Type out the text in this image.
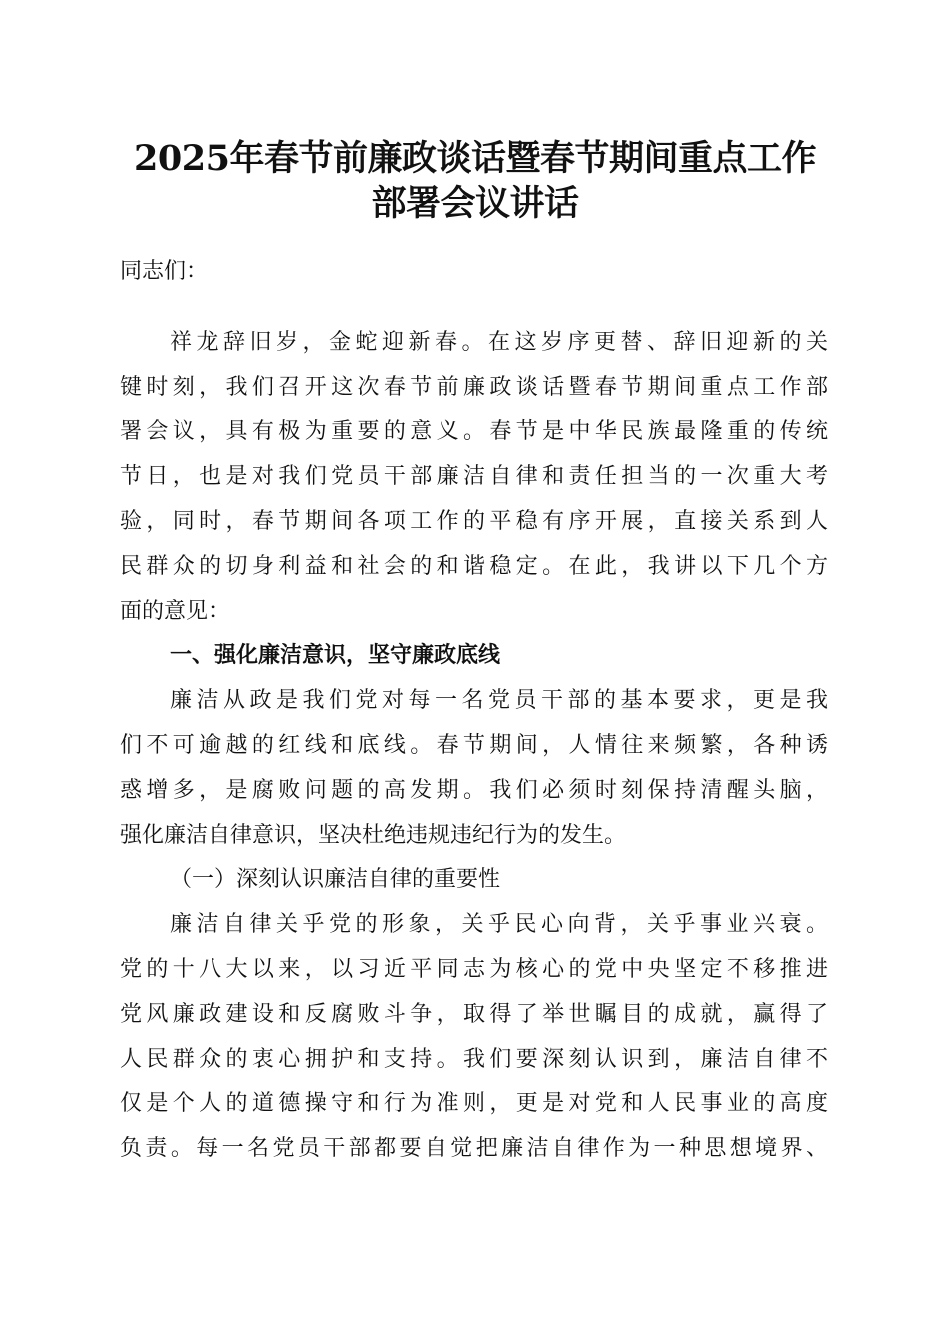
2025年春节前廉政谈话暨春节期间重点工作
部署会议讲话
同志们：
祥龙辞旧岁，金蛇迎新春。在这岁序更替、辞旧迎新的关
键时刻，我们召开这次春节前廉政谈话暨春节期间重点工作部
署会议，具有极为重要的意义。春节是中华民族最隆重的传统
节日，也是对我们党员干部廉洁自律和责任担当的一次重大考
验，同时，春节期间各项工作的平稳有序开展，直接关系到人
民群众的切身利益和社会的和谐稳定。在此，我讲以下几个方
面的意见：
一、强化廉洁意识，坚守廉政底线
廉洁从政是我们党对每一名党员干部的基本要求，更是我
们不可逾越的红线和底线。春节期间，人情往来频繁，各种诱
惑增多，是腐败问题的高发期。我们必须时刻保持清醒头脑，
强化廉洁自律意识，坚决杜绝违规违纪行为的发生。
（一）深刻认识廉洁自律的重要性
廉洁自律关乎党的形象，关乎民心向背，关乎事业兴衰。
党的十八大以来，以习近平同志为核心的党中央坚定不移推进
党风廉政建设和反腐败斗争，取得了举世瞩目的成就，赢得了
人民群众的衷心拥护和支持。我们要深刻认识到，廉洁自律不
仅是个人的道德操守和行为准则，更是对党和人民事业的高度
负责。每一名党员干部都要自觉把廉洁自律作为一种思想境界、
